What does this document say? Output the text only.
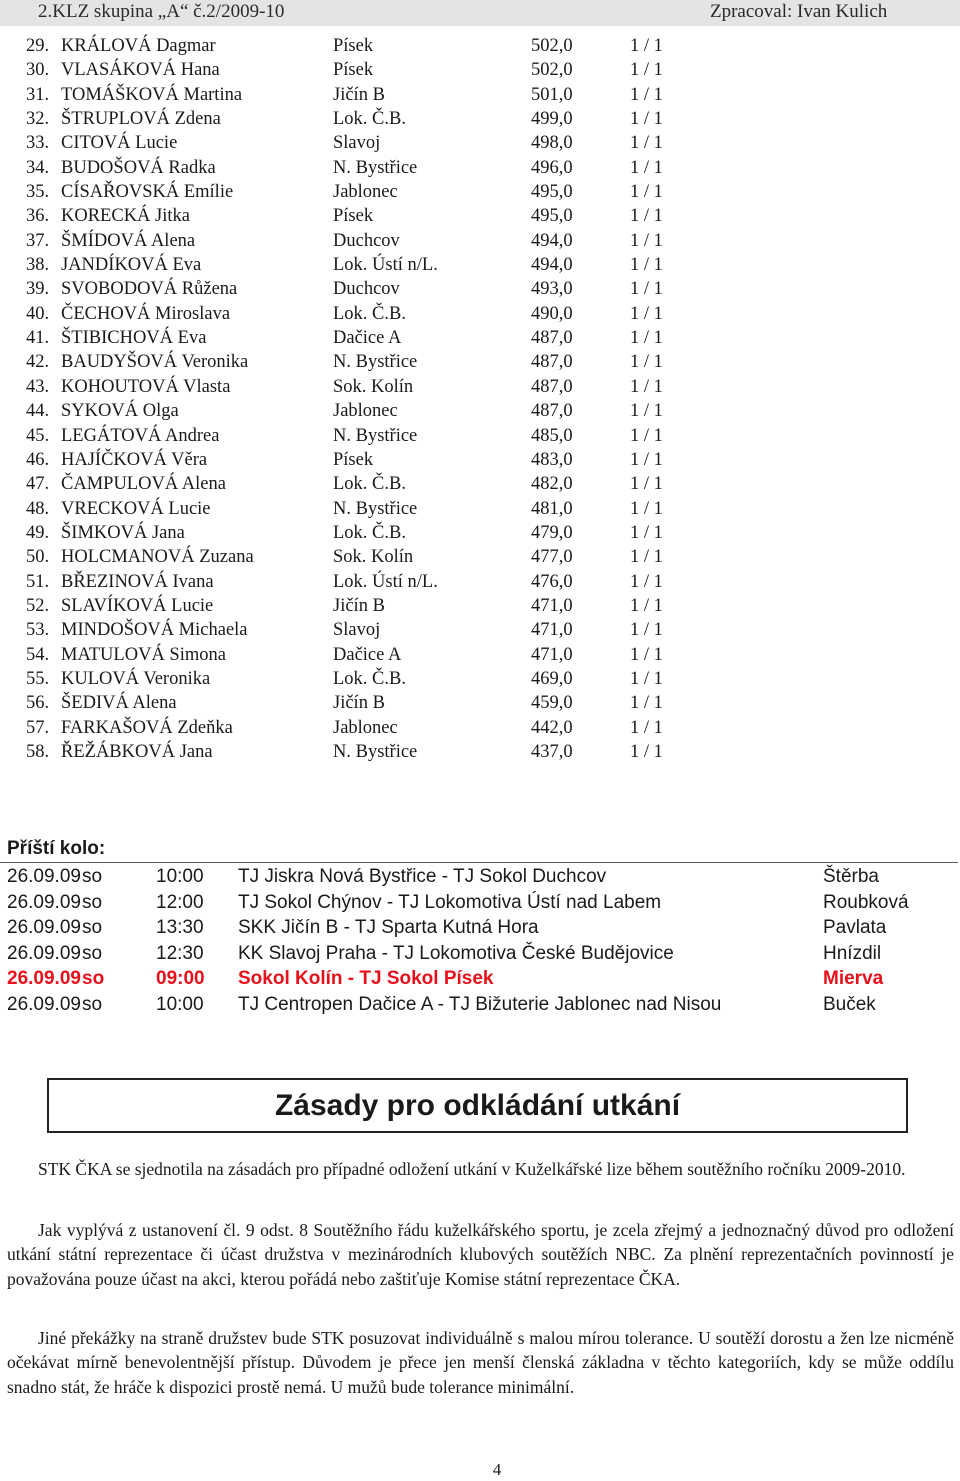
2.KLZ skupina „A“ č.2/2009-10	Zpracoval: Ivan Kulich
29. KRÁLOVÁ Dagmar	Písek	502,0	1 / 1
30. VLASÁKOVÁ Hana	Písek	502,0	1 / 1
31. TOMÁŠKOVÁ Martina	Jičín B	501,0	1 / 1
32. ŠTRUPLOVÁ Zdena	Lok. Č.B.	499,0	1 / 1
33. CITOVÁ Lucie	Slavoj	498,0	1 / 1
34. BUDOŠOVÁ Radka	N. Bystřice	496,0	1 / 1
35. CÍSAŘOVSKÁ Emílie	Jablonec	495,0	1 / 1
36. KORECKÁ Jitka	Písek	495,0	1 / 1
37. ŠMÍDOVÁ Alena	Duchcov	494,0	1 / 1
38. JANDÍKOVÁ Eva	Lok. Ústí n/L.	494,0	1 / 1
39. SVOBODOVÁ Růžena	Duchcov	493,0	1 / 1
40. ČECHOVÁ Miroslava	Lok. Č.B.	490,0	1 / 1
41. ŠTIBICHOVÁ Eva	Dačice A	487,0	1 / 1
42. BAUDYŠOVÁ Veronika	N. Bystřice	487,0	1 / 1
43. KOHOUTOVÁ Vlasta	Sok. Kolín	487,0	1 / 1
44. SYKOVÁ Olga	Jablonec	487,0	1 / 1
45. LEGÁTOVÁ Andrea	N. Bystřice	485,0	1 / 1
46. HAJÍČKOVÁ Věra	Písek	483,0	1 / 1
47. ČAMPULOVÁ Alena	Lok. Č.B.	482,0	1 / 1
48. VRECKOVÁ Lucie	N. Bystřice	481,0	1 / 1
49. ŠIMKOVÁ Jana	Lok. Č.B.	479,0	1 / 1
50. HOLCMANOVÁ Zuzana	Sok. Kolín	477,0	1 / 1
51. BŘEZINOVÁ Ivana	Lok. Ústí n/L.	476,0	1 / 1
52. SLAVÍKOVÁ Lucie	Jičín B	471,0	1 / 1
53. MINDOŠOVÁ Michaela	Slavoj	471,0	1 / 1
54. MATULOVÁ Simona	Dačice A	471,0	1 / 1
55. KULOVÁ Veronika	Lok. Č.B.	469,0	1 / 1
56. ŠEDIVÁ Alena	Jičín B	459,0	1 / 1
57. FARKAŠOVÁ Zdeňka	Jablonec	442,0	1 / 1
58. ŘEŽÁBKOVÁ Jana	N. Bystřice	437,0	1 / 1
Příští kolo:
26.09.09 so	10:00 TJ Jiskra Nová Bystřice - TJ Sokol Duchcov	Štěrba
26.09.09 so	12:00 TJ Sokol Chýnov - TJ Lokomotiva Ústí nad Labem	Roubková
26.09.09 so	13:30 SKK Jičín B - TJ Sparta Kutná Hora	Pavlata
26.09.09 so	12:30 KK Slavoj Praha - TJ Lokomotiva České Budějovice	Hnízdil
26.09.09 so	09:00 Sokol Kolín - TJ Sokol Písek	Mierva
26.09.09 so	10:00 TJ Centropen Dačice A - TJ Bižuterie Jablonec nad Nisou	Buček
Zásady pro odkládání utkání
STK ČKA se sjednotila na zásadách pro případné odložení utkání v Kuželkářské lize během soutěžního ročníku 2009-2010.
Jak vyplývá z ustanovení čl. 9 odst. 8 Soutěžního řádu kuželkářského sportu, je zcela zřejmý a jednoznačný důvod pro odložení utkání státní reprezentace či účast družstva v mezinárodních klubových soutěžích NBC. Za plnění reprezentačních povinností je považována pouze účast na akci, kterou pořádá nebo zaštiťuje Komise státní reprezentace ČKA.
Jiné překážky na straně družstev bude STK posuzovat individuálně s malou mírou tolerance. U soutěží dorostu a žen lze nicméně očekávat mírně benevolentnější přístup. Důvodem je přece jen menší členská základna v těchto kategoriích, kdy se může oddílu snadno stát, že hráče k dispozici prostě nemá. U mužů bude tolerance minimální.
4
